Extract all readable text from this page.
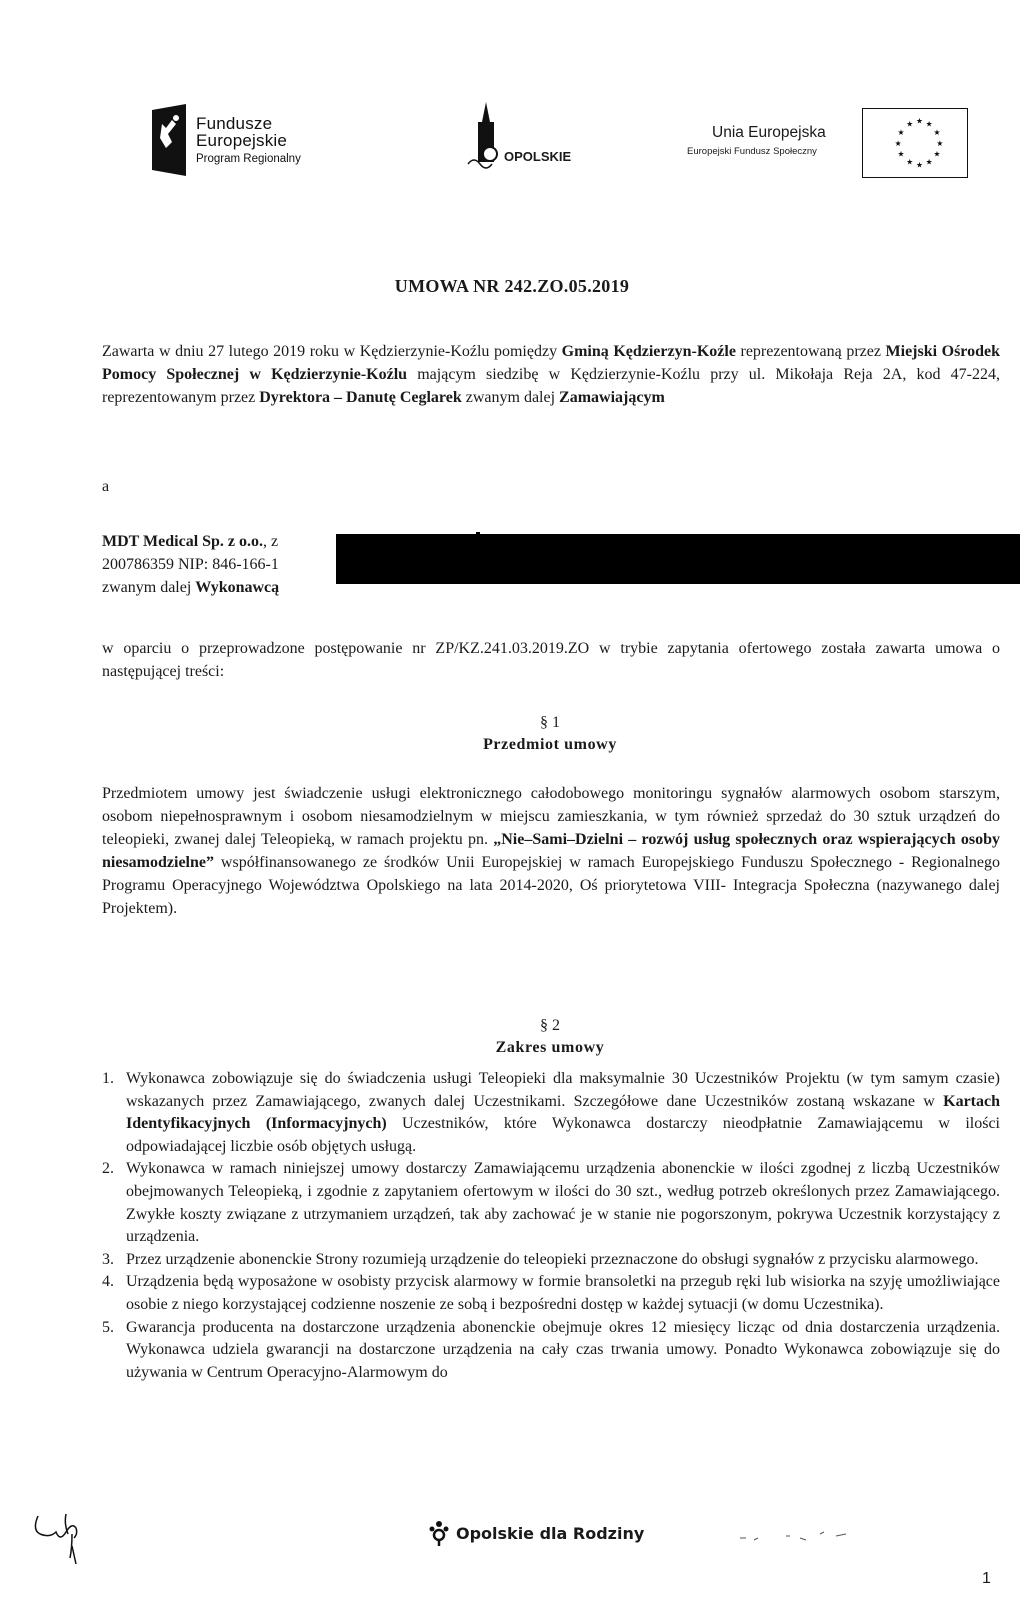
Fundusze
Europejskie
Program Regionalny	OPOLSKIE
Unia Europejska
Europejski Fundusz Społeczny
★ ★ ★
★	★
★	★
★	★
★ ★ ★
UMOWA NR 242.ZO.05.2019
Zawarta w dniu 27 lutego 2019 roku w Kędzierzynie-Koźlu pomiędzy Gminą Kędzierzyn-Koźle reprezentowaną przez Miejski Ośrodek Pomocy Społecznej w Kędzierzynie-Koźlu mającym siedzibę w Kędzierzynie-Koźlu przy ul. Mikołaja Reja 2A, kod 47-224, reprezentowanym przez Dyrektora – Danutę Ceglarek zwanym dalej Zamawiającym
a
MDT Medical Sp. z o.o., z
200786359 NIP: 846-166-1
zwanym dalej Wykonawcą
w oparciu o przeprowadzone postępowanie nr ZP/KZ.241.03.2019.ZO w trybie zapytania ofertowego została zawarta umowa o następującej treści:
§ 1
Przedmiot umowy
Przedmiotem umowy jest świadczenie usługi elektronicznego całodobowego monitoringu sygnałów alarmowych osobom starszym, osobom niepełnosprawnym i osobom niesamodzielnym w miejscu zamieszkania, w tym również sprzedaż do 30 sztuk urządzeń do teleopieki, zwanej dalej Teleopieką, w ramach projektu pn. „Nie–Sami–Dzielni – rozwój usług społecznych oraz wspierających osoby niesamodzielne” współfinansowanego ze środków Unii Europejskiej w ramach Europejskiego Funduszu Społecznego - Regionalnego Programu Operacyjnego Województwa Opolskiego na lata 2014-2020, Oś priorytetowa VIII- Integracja Społeczna (nazywanego dalej Projektem).
§ 2
Zakres umowy
1. Wykonawca zobowiązuje się do świadczenia usługi Teleopieki dla maksymalnie 30 Uczestników Projektu (w tym samym czasie) wskazanych przez Zamawiającego, zwanych dalej Uczestnikami. Szczegółowe dane Uczestników zostaną wskazane w Kartach Identyfikacyjnych (Informacyjnych) Uczestników, które Wykonawca dostarczy nieodpłatnie Zamawiającemu w ilości odpowiadającej liczbie osób objętych usługą.
2. Wykonawca w ramach niniejszej umowy dostarczy Zamawiającemu urządzenia abonenckie w ilości zgodnej z liczbą Uczestników obejmowanych Teleopieką, i zgodnie z zapytaniem ofertowym w ilości do 30 szt., według potrzeb określonych przez Zamawiającego. Zwykłe koszty związane z utrzymaniem urządzeń, tak aby zachować je w stanie nie pogorszonym, pokrywa Uczestnik korzystający z urządzenia.
3. Przez urządzenie abonenckie Strony rozumieją urządzenie do teleopieki przeznaczone do obsługi sygnałów z przycisku alarmowego.
4. Urządzenia będą wyposażone w osobisty przycisk alarmowy w formie bransoletki na przegub ręki lub wisiorka na szyję umożliwiające osobie z niego korzystającej codzienne noszenie ze sobą i bezpośredni dostęp w każdej sytuacji (w domu Uczestnika).
5. Gwarancja producenta na dostarczone urządzenia abonenckie obejmuje okres 12 miesięcy licząc od dnia dostarczenia urządzenia. Wykonawca udziela gwarancji na dostarczone urządzenia na cały czas trwania umowy. Ponadto Wykonawca zobowiązuje się do używania w Centrum Operacyjno-Alarmowym do
Opolskie dla Rodziny
1
